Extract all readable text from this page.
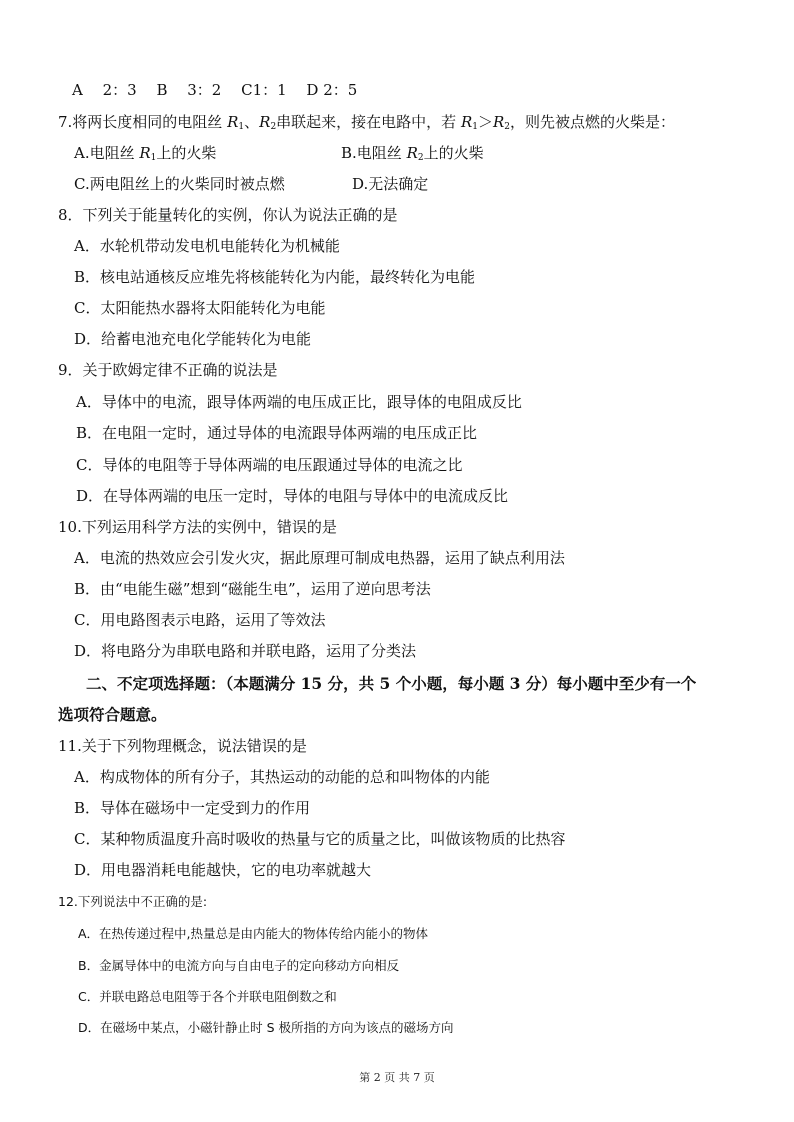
A　 2：3　 B　 3：2　 C1：1　 D 2：5
7.将两长度相同的电阻丝 $R_1$、$R_2$串联起来，接在电路中，若 $R_1>R_2$，则先被点燃的火柴是：
A.电阻丝 $R_1$上的火柴	B.电阻丝 $R_2$上的火柴
C.两电阻丝上的火柴同时被点燃	D.无法确定
8．下列关于能量转化的实例，你认为说法正确的是
A．水轮机带动发电机电能转化为机械能
B．核电站通核反应堆先将核能转化为内能，最终转化为电能
C．太阳能热水器将太阳能转化为电能
D．给蓄电池充电化学能转化为电能
9．关于欧姆定律不正确的说法是
A．导体中的电流，跟导体两端的电压成正比，跟导体的电阻成反比
B．在电阻一定时，通过导体的电流跟导体两端的电压成正比
C．导体的电阻等于导体两端的电压跟通过导体的电流之比
D．在导体两端的电压一定时，导体的电阻与导体中的电流成反比
10.下列运用科学方法的实例中，错误的是
A．电流的热效应会引发火灾，据此原理可制成电热器，运用了缺点利用法
B．由“电能生磁”想到“磁能生电”，运用了逆向思考法
C．用电路图表示电路，运用了等效法
D．将电路分为串联电路和并联电路，运用了分类法
二、不定项选择题：（本题满分 15 分，共 5 个小题，每小题 3 分）每小题中至少有一个
选项符合题意。
11.关于下列物理概念，说法错误的是
A．构成物体的所有分子，其热运动的动能的总和叫物体的内能
B．导体在磁场中一定受到力的作用
C．某种物质温度升高时吸收的热量与它的质量之比，叫做该物质的比热容
D．用电器消耗电能越快，它的电功率就越大
12.下列说法中不正确的是:
A．在热传递过程中,热量总是由内能大的物体传给内能小的物体
B．金属导体中的电流方向与自由电子的定向移动方向相反
C．并联电路总电阻等于各个并联电阻倒数之和
D．在磁场中某点，小磁针静止时 S 极所指的方向为该点的磁场方向
第 2 页 共 7 页
